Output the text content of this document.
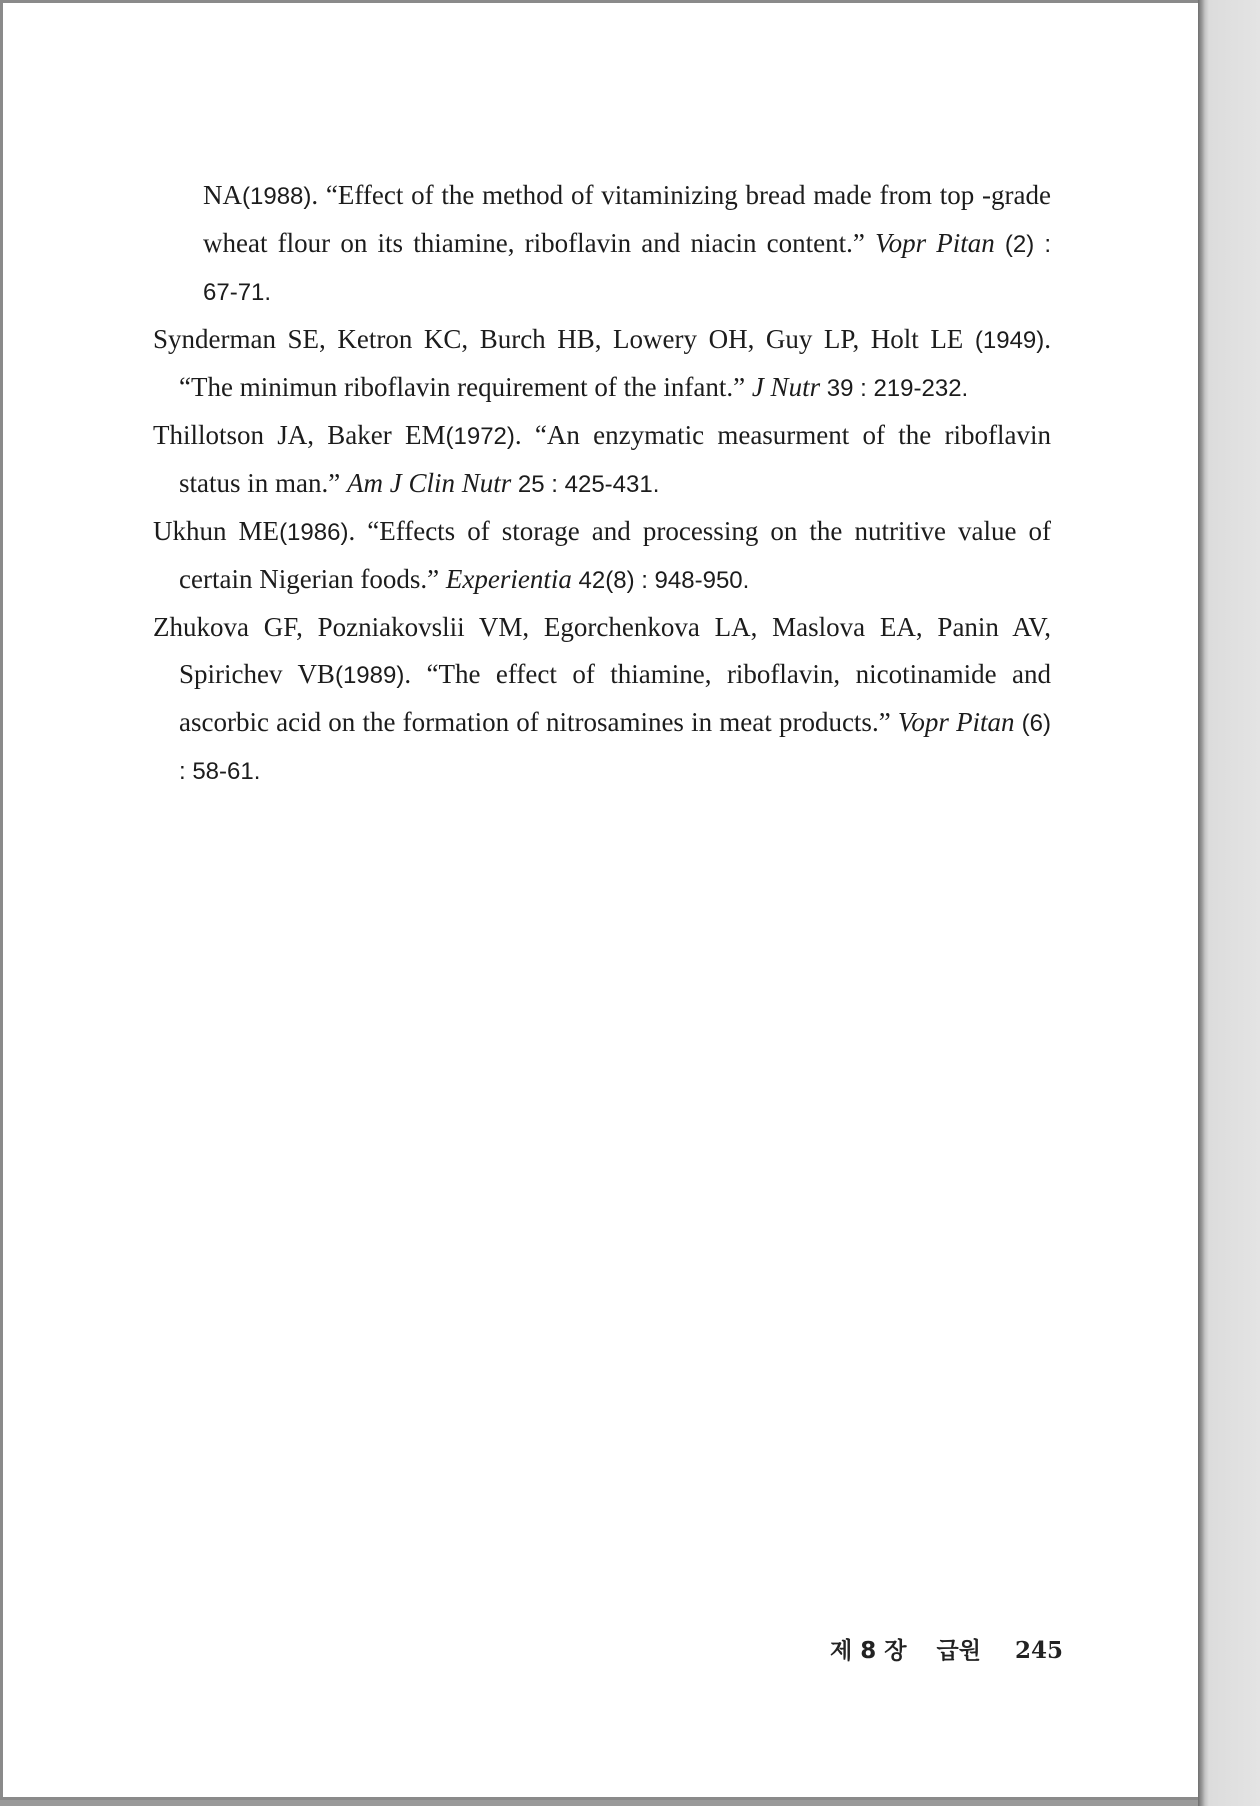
NA(1988). “Effect of the method of vitaminizing bread made from top -grade wheat flour on its thiamine, riboflavin and niacin content.” Vopr Pitan (2) : 67-71.
Synderman SE, Ketron KC, Burch HB, Lowery OH, Guy LP, Holt LE (1949). “The minimun riboflavin requirement of the infant.” J Nutr 39 : 219-232.
Thillotson JA, Baker EM(1972). “An enzymatic measurment of the riboflavin status in man.” Am J Clin Nutr 25 : 425-431.
Ukhun ME(1986). “Effects of storage and processing on the nutritive value of certain Nigerian foods.” Experientia 42(8) : 948-950.
Zhukova GF, Pozniakovslii VM, Egorchenkova LA, Maslova EA, Panin AV, Spirichev VB(1989). “The effect of thiamine, riboflavin, nicotinamide and ascorbic acid on the formation of nitrosamines in meat products.” Vopr Pitan (6) : 58-61.
제 8 장 급원 245
